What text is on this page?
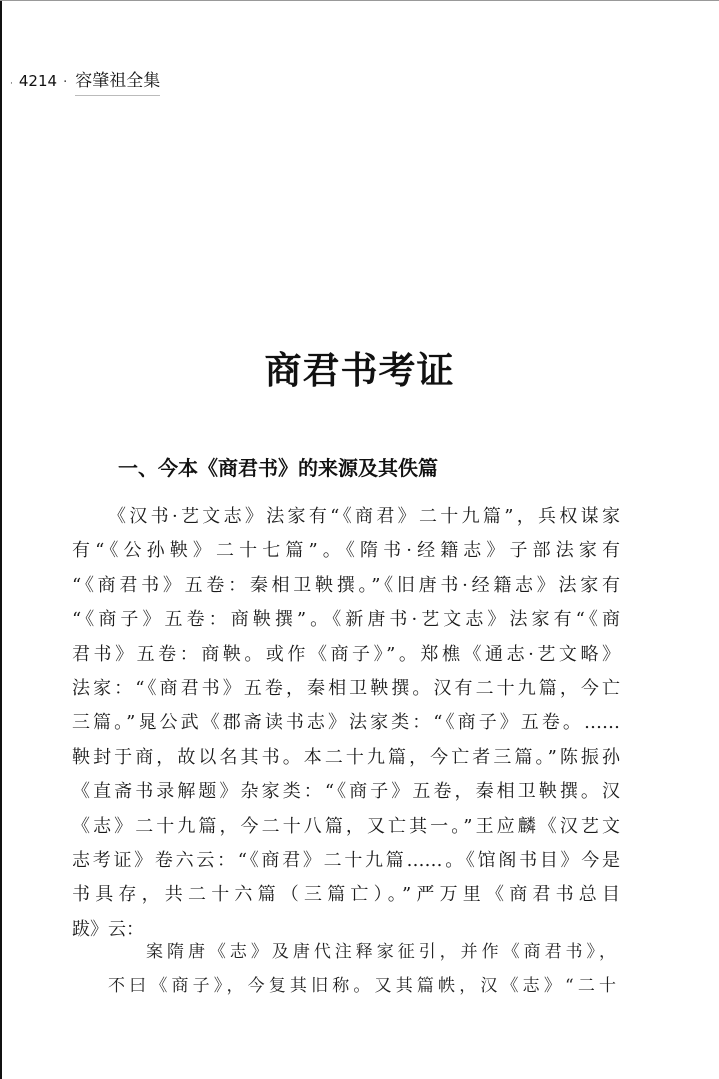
· 4214 · 容肇祖全集
商君书考证
一、今本《商君书》的来源及其佚篇
《汉书·艺文志》法家有“《商君》二十九篇”，兵权谋家
有“《公孙鞅》二十七篇”。《隋书·经籍志》子部法家有
“《商君书》五卷：秦相卫鞅撰。”《旧唐书·经籍志》法家有
“《商子》五卷：商鞅撰”。《新唐书·艺文志》法家有“《商
君书》五卷：商鞅。或作《商子》”。郑樵《通志·艺文略》
法家：“《商君书》五卷，秦相卫鞅撰。汉有二十九篇，今亡
三篇。”晁公武《郡斋读书志》法家类：“《商子》五卷。……
鞅封于商，故以名其书。本二十九篇，今亡者三篇。”陈振孙
《直斋书录解题》杂家类：“《商子》五卷，秦相卫鞅撰。汉
《志》二十九篇，今二十八篇，又亡其一。”王应麟《汉艺文
志考证》卷六云：“《商君》二十九篇……。《馆阁书目》今是
书具存，共二十六篇（三篇亡）。”严万里《商君书总目
跋》云：
案隋唐《志》及唐代注释家征引，并作《商君书》，
不曰《商子》，今复其旧称。又其篇帙，汉《志》“二十
